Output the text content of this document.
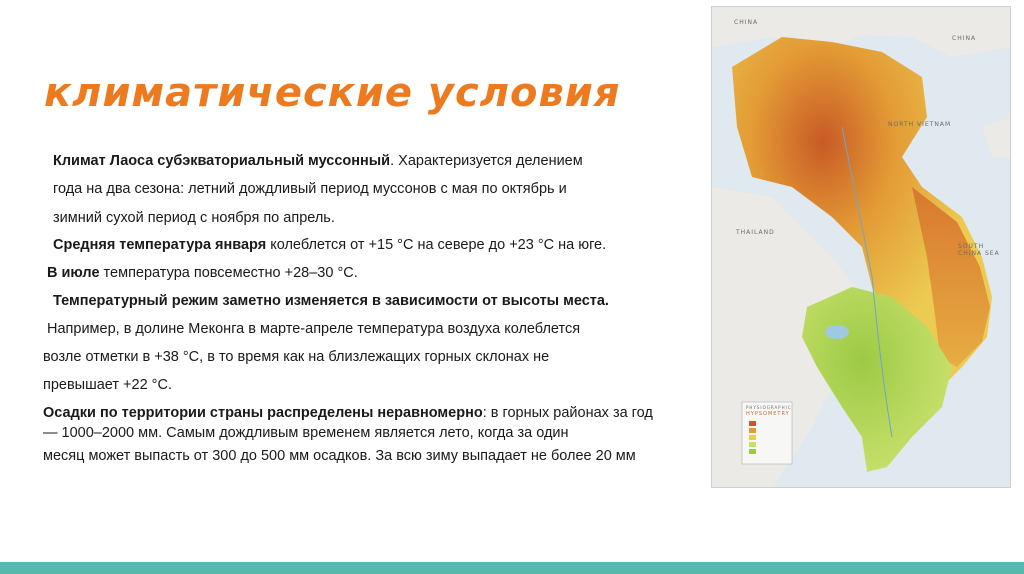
климатические условия
Климат Лаоса субэкваториальный муссонный. Характеризуется делением
года на два сезона: летний дождливый период муссонов с мая по октябрь и
зимний сухой период с ноября по апрель.
Средняя температура января колеблется от +15 °C на севере до +23 °C на юге.
В июле температура повсеместно +28–30 °C.
Температурный режим заметно изменяется в зависимости от высоты места.
Например, в долине Меконга в марте-апреле температура воздуха колеблется
возле отметки в +38 °C, в то время как на близлежащих горных склонах не
превышает +22 °C.
Осадки по территории страны распределены неравномерно: в горных районах за год
— 1000–2000 мм. Самым дождливым временем является лето, когда за один
месяц может выпасть от 300 до 500 мм осадков. За всю зиму выпадает не более 20 мм
CHINA
CHINA
NORTH VIETNAM
THAILAND
SOUTH CHINA SEA
PHYSIOGRAPHIC
HYPSOMETRY
